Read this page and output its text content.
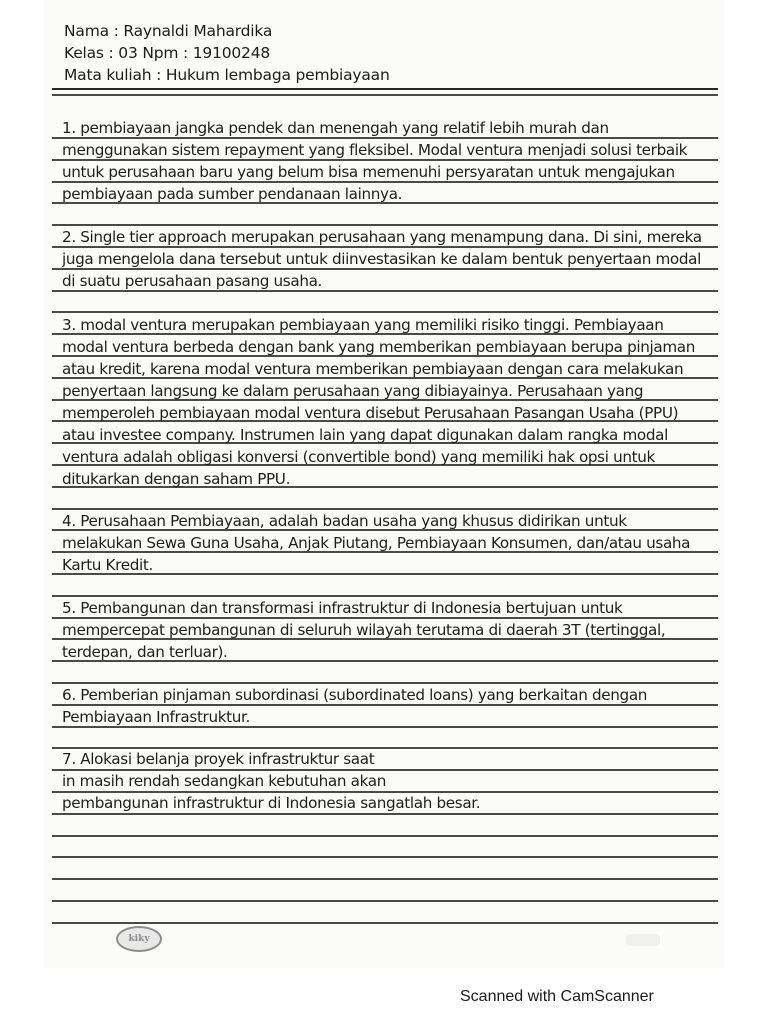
Nama : Raynaldi Mahardika
Kelas : 03 Npm : 19100248
Mata kuliah : Hukum lembaga pembiayaan
1. pembiayaan jangka pendek dan menengah yang relatif lebih murah dan
menggunakan sistem repayment yang fleksibel. Modal ventura menjadi solusi terbaik
untuk perusahaan baru yang belum bisa memenuhi persyaratan untuk mengajukan
pembiayaan pada sumber pendanaan lainnya.
2. Single tier approach merupakan perusahaan yang menampung dana. Di sini, mereka
juga mengelola dana tersebut untuk diinvestasikan ke dalam bentuk penyertaan modal
di suatu perusahaan pasang usaha.
3. modal ventura merupakan pembiayaan yang memiliki risiko tinggi. Pembiayaan
modal ventura berbeda dengan bank yang memberikan pembiayaan berupa pinjaman
atau kredit, karena modal ventura memberikan pembiayaan dengan cara melakukan
penyertaan langsung ke dalam perusahaan yang dibiayainya. Perusahaan yang
memperoleh pembiayaan modal ventura disebut Perusahaan Pasangan Usaha (PPU)
atau investee company. Instrumen lain yang dapat digunakan dalam rangka modal
ventura adalah obligasi konversi (convertible bond) yang memiliki hak opsi untuk
ditukarkan dengan saham PPU.
4. Perusahaan Pembiayaan, adalah badan usaha yang khusus didirikan untuk
melakukan Sewa Guna Usaha, Anjak Piutang, Pembiayaan Konsumen, dan/atau usaha
Kartu Kredit.
5. Pembangunan dan transformasi infrastruktur di Indonesia bertujuan untuk
mempercepat pembangunan di seluruh wilayah terutama di daerah 3T (tertinggal,
terdepan, dan terluar).
6. Pemberian pinjaman subordinasi (subordinated loans) yang berkaitan dengan
Pembiayaan Infrastruktur.
7. Alokasi belanja proyek infrastruktur saat
in masih rendah sedangkan kebutuhan akan
pembangunan infrastruktur di Indonesia sangatlah besar.
kiky
Scanned with CamScanner
